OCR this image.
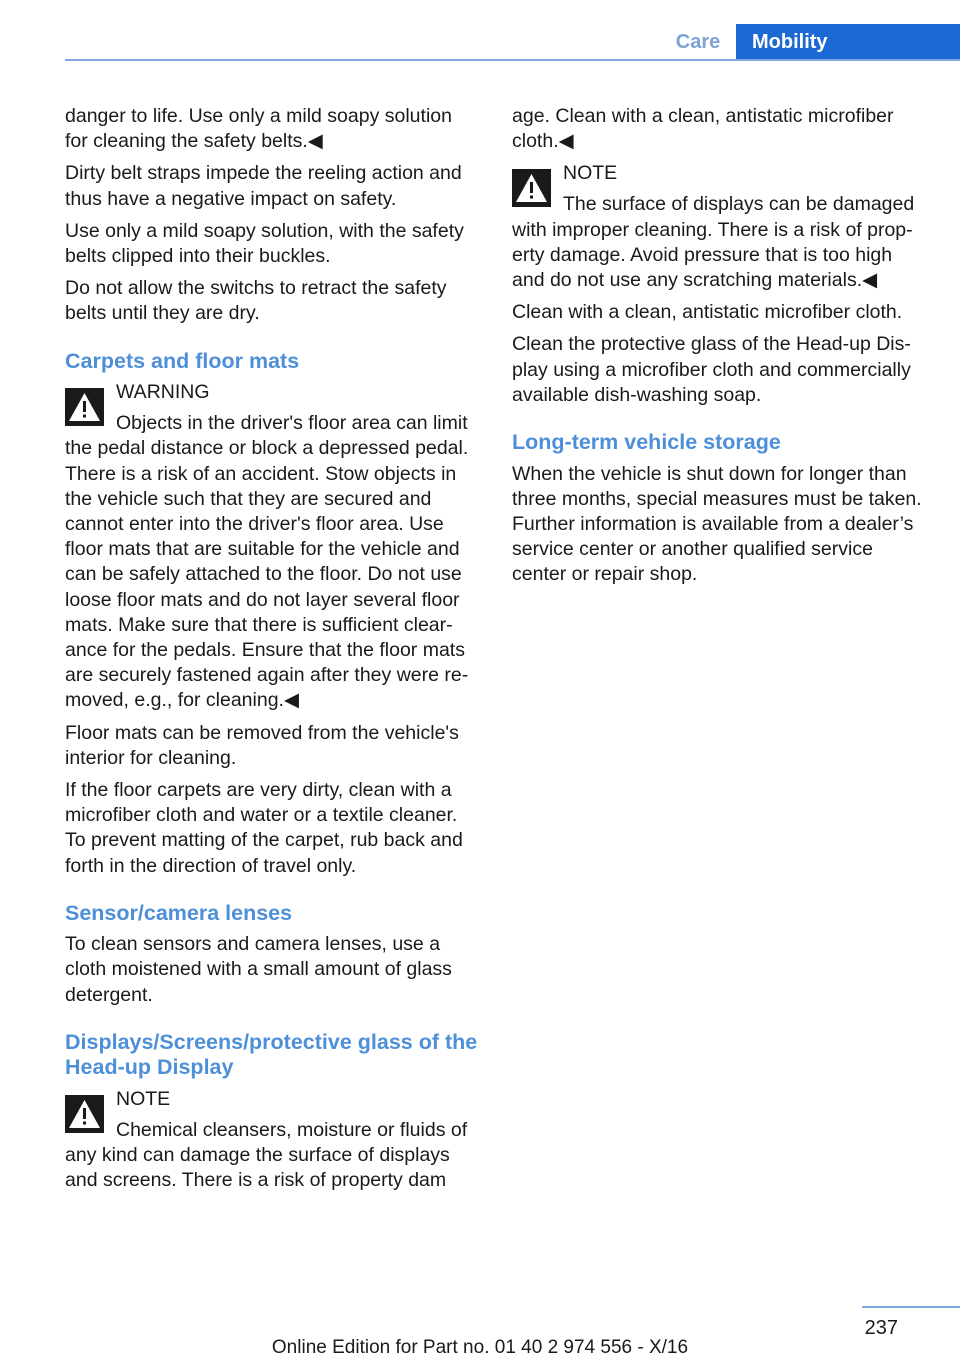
Care	Mobility

danger to life. Use only a mild soapy solution for cleaning the safety belts.◀

Dirty belt straps impede the reeling action and thus have a negative impact on safety.

Use only a mild soapy solution, with the safety belts clipped into their buckles.

Do not allow the switchs to retract the safety belts until they are dry.

Carpets and floor mats
WARNING
Objects in the driver's floor area can limit
the pedal distance or block a depressed pedal. There is a risk of an accident. Stow objects in the vehicle such that they are secured and cannot enter into the driver's floor area. Use floor mats that are suitable for the vehicle and can be safely attached to the floor. Do not use loose floor mats and do not layer several floor mats. Make sure that there is sufficient clearance for the pedals. Ensure that the floor mats are securely fastened again after they were removed, e.g., for cleaning.◀

Floor mats can be removed from the vehicle's interior for cleaning.

If the floor carpets are very dirty, clean with a microfiber cloth and water or a textile cleaner. To prevent matting of the carpet, rub back and forth in the direction of travel only.

Sensor/camera lenses

To clean sensors and camera lenses, use a cloth moistened with a small amount of glass detergent.

Displays/Screens/protective glass of the Head-up Display
NOTE
Chemical cleansers, moisture or fluids of
any kind can damage the surface of displays and screens. There is a risk of property dam

age. Clean with a clean, antistatic microfiber cloth.◀

NOTE
The surface of displays can be damaged
with improper cleaning. There is a risk of property damage. Avoid pressure that is too high and do not use any scratching materials.◀

Clean with a clean, antistatic microfiber cloth.

Clean the protective glass of the Head-up Display using a microfiber cloth and commercially available dish-washing soap.

Long-term vehicle storage

When the vehicle is shut down for longer than three months, special measures must be taken. Further information is available from a dealer’s service center or another qualified service center or repair shop.

237
Online Edition for Part no. 01 40 2 974 556 - X/16
